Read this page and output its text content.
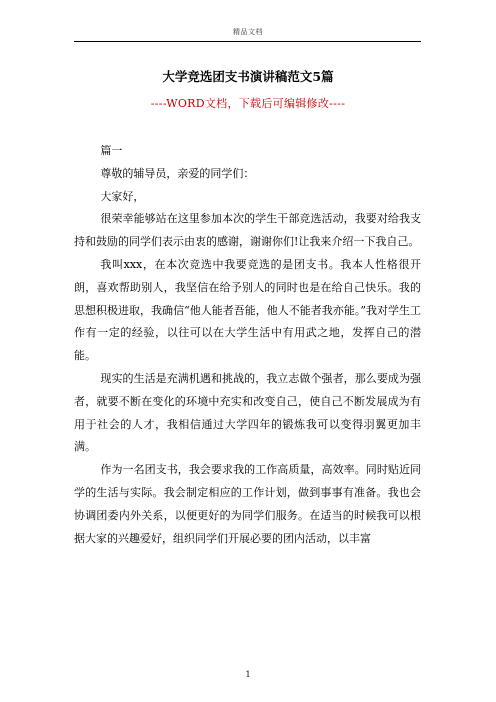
精品文档
大学竞选团支书演讲稿范文5篇
----WORD文档，下载后可编辑修改----

篇一

尊敬的辅导员，亲爱的同学们：

大家好，

很荣幸能够站在这里参加本次的学生干部竞选活动，我要对给我支持和鼓励的同学们表示由衷的感谢，谢谢你们!让我来介绍一下我自己。

我叫xxx，在本次竞选中我要竞选的是团支书。我本人性格很开朗，喜欢帮助别人，我坚信在给予别人的同时也是在给自己快乐。我的思想积极进取，我确信“他人能者吾能，他人不能者我亦能。”我对学生工作有一定的经验，以往可以在大学生活中有用武之地，发挥自己的潜能。

现实的生活是充满机遇和挑战的，我立志做个强者，那么要成为强者，就要不断在变化的环境中充实和改变自己，使自己不断发展成为有用于社会的人才，我相信通过大学四年的锻炼我可以变得羽翼更加丰满。

作为一名团支书，我会要求我的工作高质量，高效率。同时贴近同学的生活与实际。我会制定相应的工作计划，做到事事有准备。我也会协调团委内外关系，以便更好的为同学们服务。在适当的时候我可以根据大家的兴趣爱好，组织同学们开展必要的团内活动，以丰富

1
